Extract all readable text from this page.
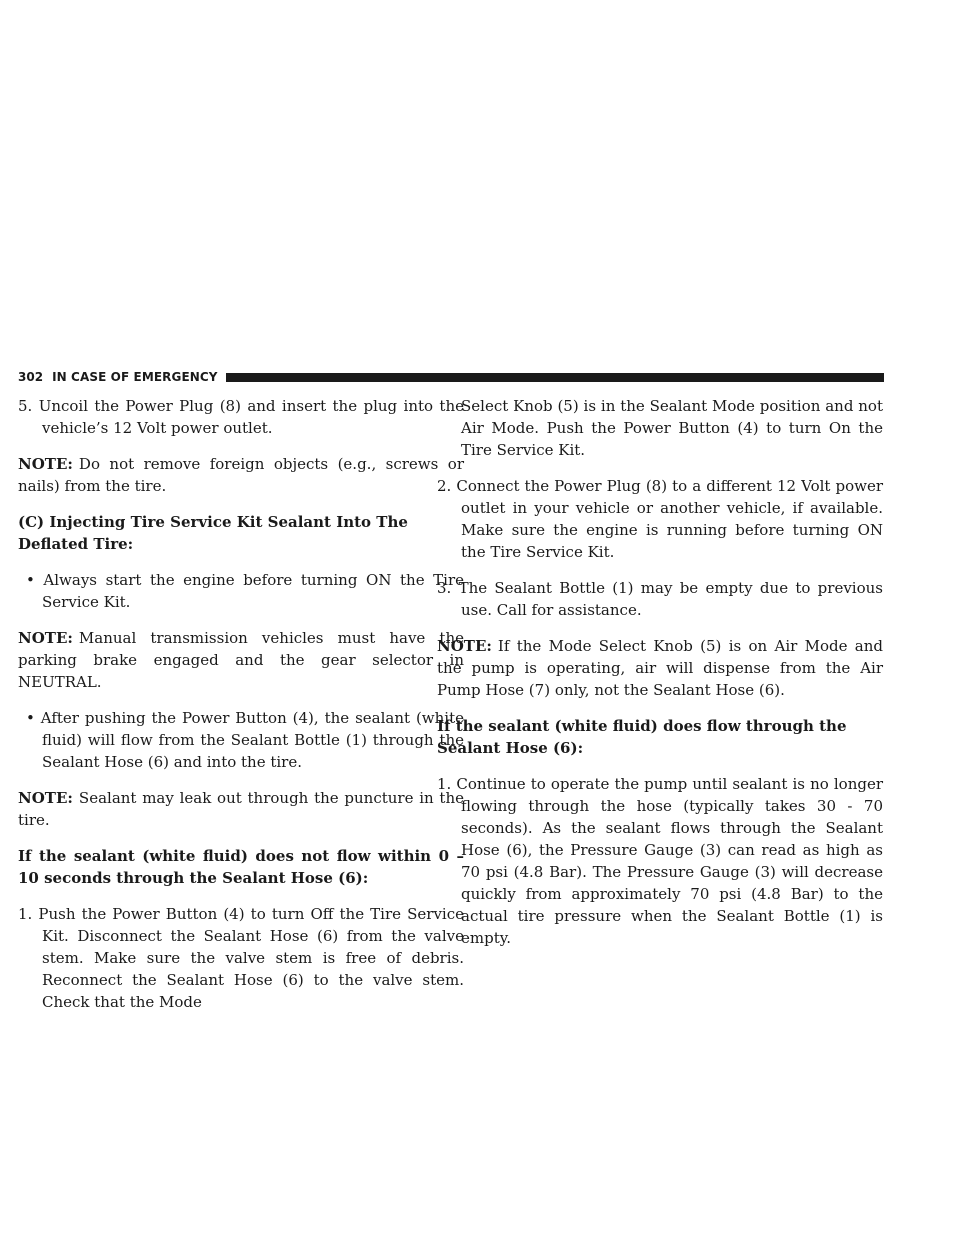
302 IN CASE OF EMERGENCY

5. Uncoil the Power Plug (8) and insert the plug into the vehicle’s 12 Volt power outlet.

NOTE: Do not remove foreign objects (e.g., screws or nails) from the tire.

(C) Injecting Tire Service Kit Sealant Into The Deflated Tire:

• Always start the engine before turning ON the Tire Service Kit.

NOTE: Manual transmission vehicles must have the parking brake engaged and the gear selector in NEUTRAL.

• After pushing the Power Button (4), the sealant (white fluid) will flow from the Sealant Bottle (1) through the Sealant Hose (6) and into the tire.

NOTE: Sealant may leak out through the puncture in the tire.

If the sealant (white fluid) does not flow within 0 – 10 seconds through the Sealant Hose (6):

1. Push the Power Button (4) to turn Off the Tire Service Kit. Disconnect the Sealant Hose (6) from the valve stem. Make sure the valve stem is free of debris. Reconnect the Sealant Hose (6) to the valve stem. Check that the Mode

Select Knob (5) is in the Sealant Mode position and not Air Mode. Push the Power Button (4) to turn On the Tire Service Kit.

2. Connect the Power Plug (8) to a different 12 Volt power outlet in your vehicle or another vehicle, if available. Make sure the engine is running before turning ON the Tire Service Kit.

3. The Sealant Bottle (1) may be empty due to previous use. Call for assistance.

NOTE: If the Mode Select Knob (5) is on Air Mode and the pump is operating, air will dispense from the Air Pump Hose (7) only, not the Sealant Hose (6).

If the sealant (white fluid) does flow through the Sealant Hose (6):

1. Continue to operate the pump until sealant is no longer flowing through the hose (typically takes 30 - 70 seconds). As the sealant flows through the Sealant Hose (6), the Pressure Gauge (3) can read as high as 70 psi (4.8 Bar). The Pressure Gauge (3) will decrease quickly from approximately 70 psi (4.8 Bar) to the actual tire pressure when the Sealant Bottle (1) is empty.
